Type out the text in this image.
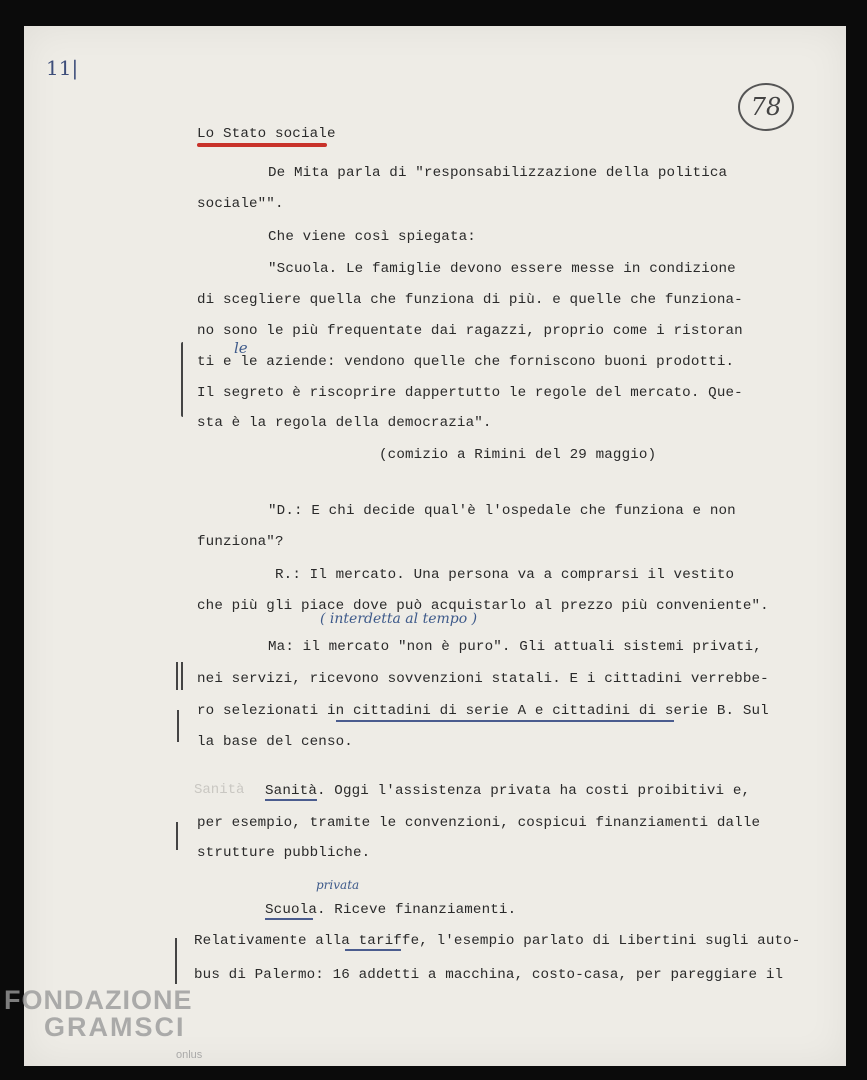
11|
78
Lo Stato sociale
De Mita parla di "responsabilizzazione della politica
sociale"".
Che viene così spiegata:
"Scuola. Le famiglie devono essere messe in condizione
di scegliere quella che funziona di più. e quelle che funziona-
no sono le più frequentate dai ragazzi, proprio come i ristoran
ti e le aziende: vendono quelle che forniscono buoni prodotti.
le
Il segreto è riscoprire dappertutto le regole del mercato. Que-
sta è la regola della democrazia".
(comizio a Rimini del 29 maggio)
"D.: E chi decide qual'è l'ospedale che funziona e non
funziona"?
R.: Il mercato. Una persona va a comprarsi il vestito
che più gli piace dove può acquistarlo al prezzo più conveniente".
( interdetta al tempo )
Ma: il mercato "non è puro". Gli attuali sistemi privati,
nei servizi, ricevono sovvenzioni statali. E i cittadini verrebbe-
ro selezionati in cittadini di serie A e cittadini di serie B. Sul
la base del censo.
Sanità Sanità. Oggi l'assistenza privata ha costi proibitivi e,
per esempio, tramite le convenzioni, cospicui finanziamenti dalle
strutture pubbliche.
privata
Scuola. Riceve finanziamenti.
Relativamente alla tariffe, l'esempio parlato di Libertini sugli auto-
bus di Palermo: 16 addetti a macchina, costo-casa, per pareggiare il
FONDAZIONE
GRAMSCI
onlus
